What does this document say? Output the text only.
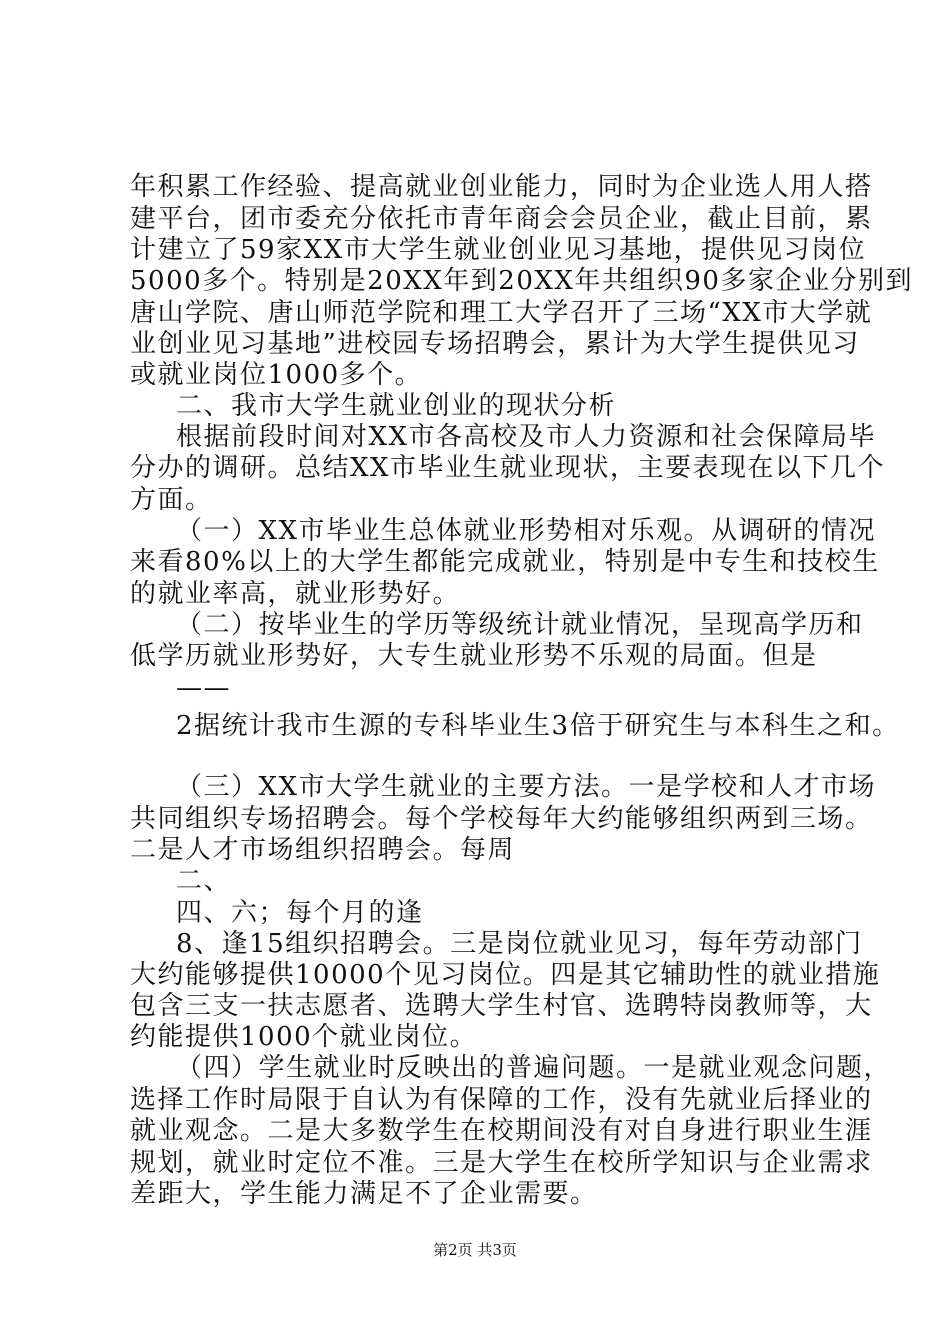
年积累工作经验、提高就业创业能力，同时为企业选人用人搭
建平台，团市委充分依托市青年商会会员企业，截止目前，累
计建立了59家XX市大学生就业创业见习基地，提供见习岗位
5000多个。特别是20XX年到20XX年共组织90多家企业分别到
唐山学院、唐山师范学院和理工大学召开了三场“XX市大学就
业创业见习基地”进校园专场招聘会，累计为大学生提供见习
或就业岗位1000多个。
二、我市大学生就业创业的现状分析
根据前段时间对XX市各高校及市人力资源和社会保障局毕
分办的调研。总结XX市毕业生就业现状，主要表现在以下几个
方面。
（一）XX市毕业生总体就业形势相对乐观。从调研的情况
来看80%以上的大学生都能完成就业，特别是中专生和技校生
的就业率高，就业形势好。
（二）按毕业生的学历等级统计就业情况，呈现高学历和
低学历就业形势好，大专生就业形势不乐观的局面。但是
——
2据统计我市生源的专科毕业生3倍于研究生与本科生之和。
（三）XX市大学生就业的主要方法。一是学校和人才市场
共同组织专场招聘会。每个学校每年大约能够组织两到三场。
二是人才市场组织招聘会。每周
二、
四、六；每个月的逢
8、逢15组织招聘会。三是岗位就业见习，每年劳动部门
大约能够提供10000个见习岗位。四是其它辅助性的就业措施
包含三支一扶志愿者、选聘大学生村官、选聘特岗教师等，大
约能提供1000个就业岗位。
（四）学生就业时反映出的普遍问题。一是就业观念问题，
选择工作时局限于自认为有保障的工作，没有先就业后择业的
就业观念。二是大多数学生在校期间没有对自身进行职业生涯
规划，就业时定位不准。三是大学生在校所学知识与企业需求
差距大，学生能力满足不了企业需要。
第2页 共3页
